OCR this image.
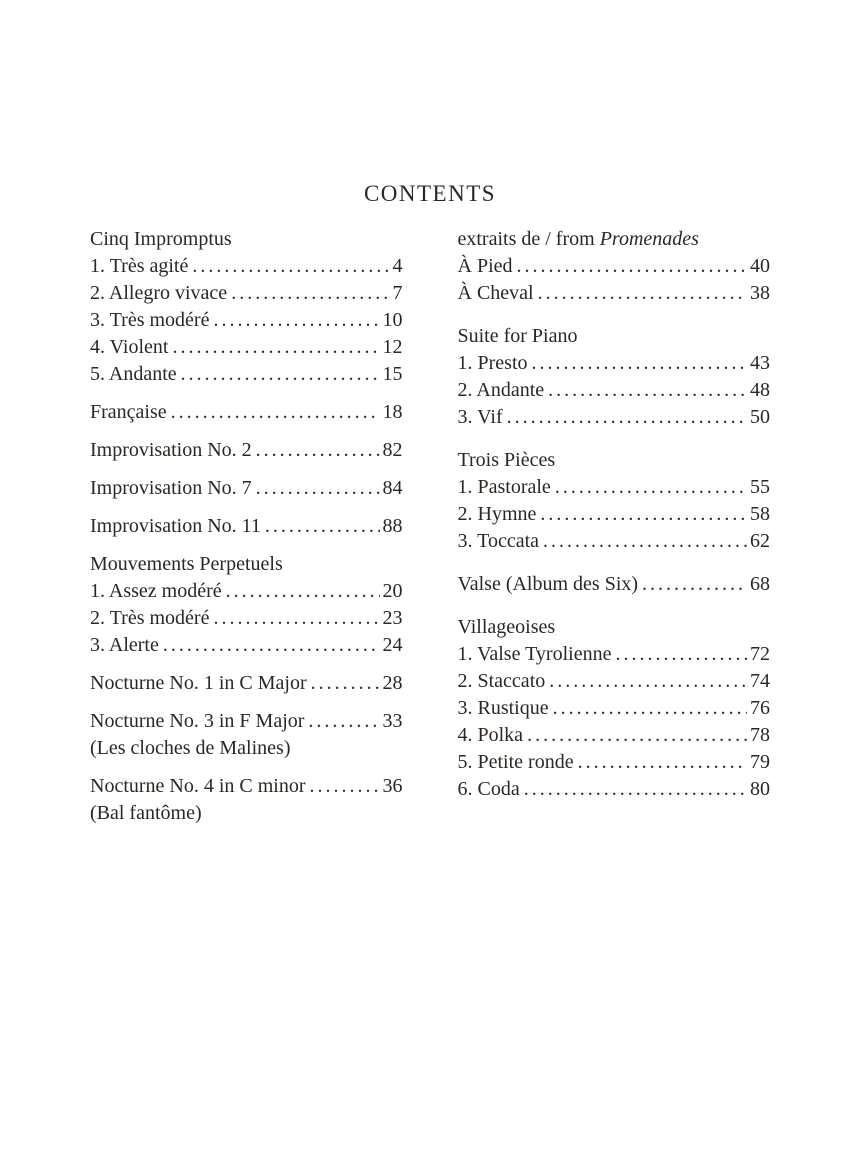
CONTENTS
Cinq Impromptus
1. Très agité .....	4
2. Allegro vivace .....	7
3. Très modéré .....	10
4. Violent .....	12
5. Andante .....	15
Française .....	18
Improvisation No. 2 .....	82
Improvisation No. 7 .....	84
Improvisation No. 11 .....	88
Mouvements Perpetuels
1. Assez modéré .....	20
2. Très modéré .....	23
3. Alerte .....	24
Nocturne No. 1 in C Major .....	28
Nocturne No. 3 in F Major .....	33
(Les cloches de Malines)
Nocturne No. 4 in C minor .....	36
(Bal fantôme)
extraits de / from Promenades
À Pied .....	40
À Cheval .....	38
Suite for Piano
1. Presto .....	43
2. Andante .....	48
3. Vif .....	50
Trois Pièces
1. Pastorale .....	55
2. Hymne .....	58
3. Toccata .....	62
Valse (Album des Six) .....	68
Villageoises
1. Valse Tyrolienne .....	72
2. Staccato .....	74
3. Rustique .....	76
4. Polka .....	78
5. Petite ronde .....	79
6. Coda .....	80
